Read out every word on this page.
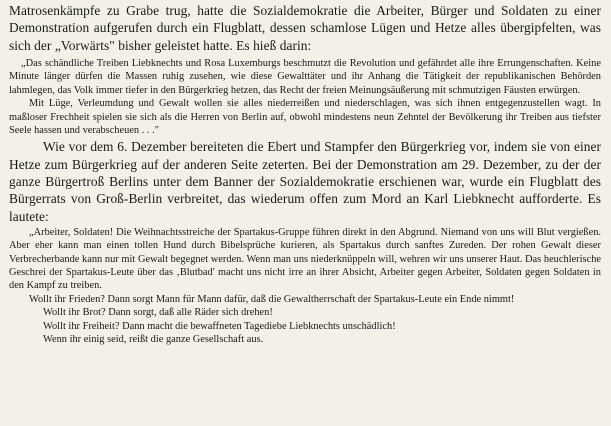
Matrosenkämpfe zu Grabe trug, hatte die Sozialdemokratie die Arbeiter, Bürger und Soldaten zu einer Demonstration aufgerufen durch ein Flugblatt, dessen schamlose Lügen und Hetze alles übergipfelten, was sich der „Vorwärts" bisher geleistet hatte. Es hieß darin:

„Das schändliche Treiben Liebknechts und Rosa Luxemburgs beschmutzt die Revolution und gefährdet alle ihre Errungenschaften. Keine Minute länger dürfen die Massen ruhig zusehen, wie diese Gewalttäter und ihr Anhang die Tätigkeit der republikanischen Behörden lahmlegen, das Volk immer tiefer in den Bürgerkrieg hetzen, das Recht der freien Meinungsäußerung mit schmutzigen Fäusten erwürgen.

Mit Lüge, Verleumdung und Gewalt wollen sie alles niederreißen und niederschlagen, was sich ihnen entgegenzustellen wagt. In maßloser Frechheit spielen sie sich als die Herren von Berlin auf, obwohl mindestens neun Zehntel der Bevölkerung ihr Treiben aus tiefster Seele hassen und verabscheuen . . ."

Wie vor dem 6. Dezember bereiteten die Ebert und Stampfer den Bürgerkrieg vor, indem sie von einer Hetze zum Bürgerkrieg auf der anderen Seite zeterten. Bei der Demonstration am 29. Dezember, zu der der ganze Bürgertroß Berlins unter dem Banner der Sozialdemokratie erschienen war, wurde ein Flugblatt des Bürgerrats von Groß-Berlin verbreitet, das wiederum offen zum Mord an Karl Liebknecht aufforderte. Es lautete:

„Arbeiter, Soldaten! Die Weihnachtsstreiche der Spartakus-Gruppe führen direkt in den Abgrund. Niemand von uns will Blut vergießen. Aber eher kann man einen tollen Hund durch Bibelsprüche kurieren, als Spartakus durch sanftes Zureden. Der rohen Gewalt dieser Verbrecherbande kann nur mit Gewalt begegnet werden. Wenn man uns niederknüppeln will, wehren wir uns unserer Haut. Das heuchlerische Geschrei der Spartakus-Leute über das ‚Blutbad' macht uns nicht irre an ihrer Absicht, Arbeiter gegen Arbeiter, Soldaten gegen Soldaten in den Kampf zu treiben.

Wollt ihr Frieden? Dann sorgt Mann für Mann dafür, daß die Gewaltherrschaft der Spartakus-Leute ein Ende nimmt!

Wollt ihr Brot? Dann sorgt, daß alle Räder sich drehen!

Wollt ihr Freiheit? Dann macht die bewaffneten Tagediebe Liebknechts unschädlich!

Wenn ihr einig seid, reißt die ganze Gesellschaft aus.
